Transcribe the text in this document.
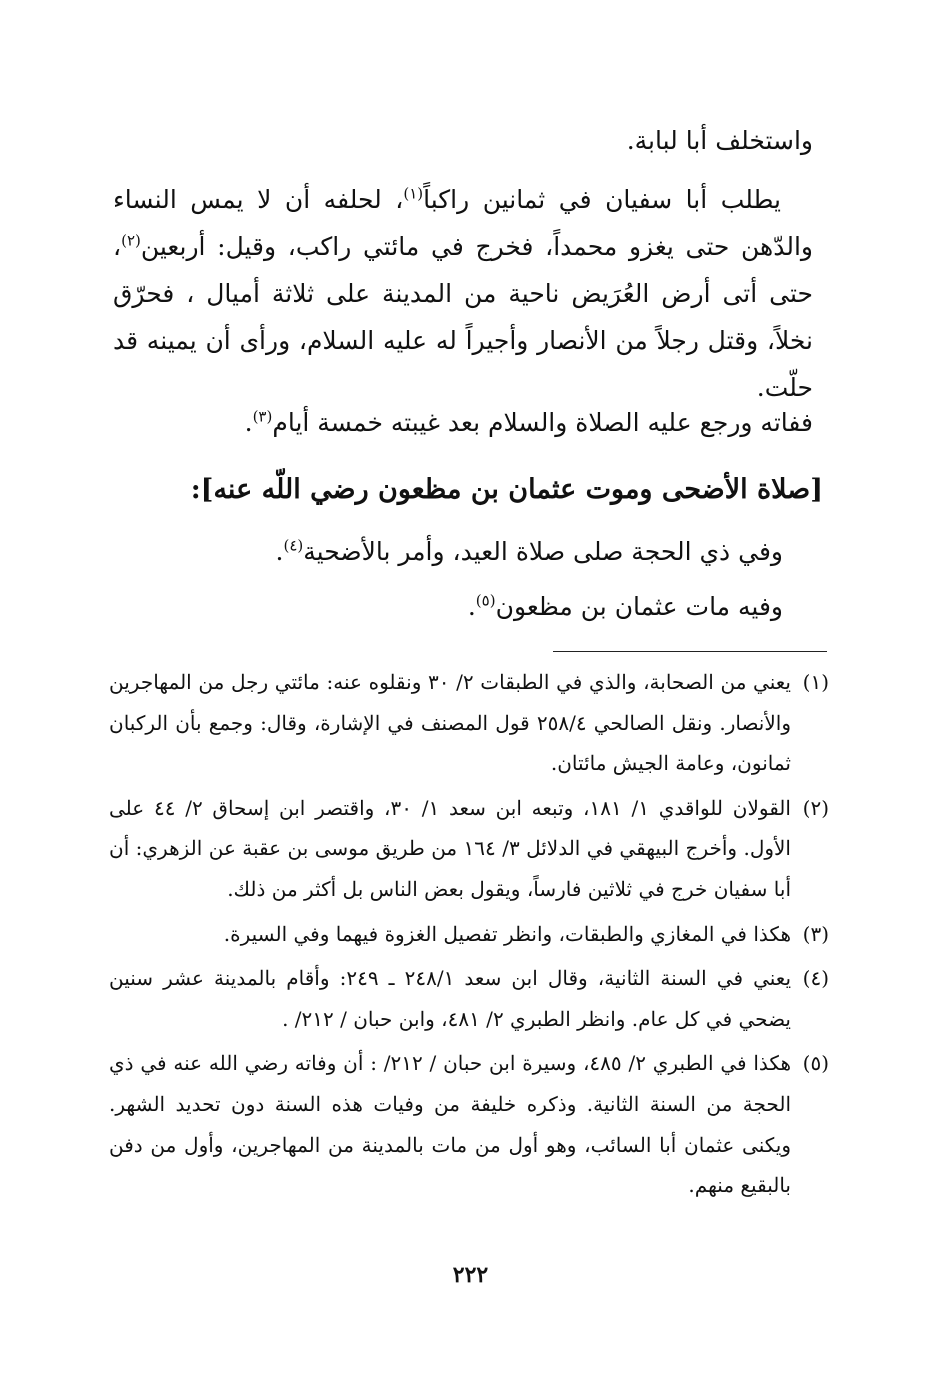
واستخلف أبا لبابة.
يطلب أبا سفيان في ثمانين راكباً$^{(١)}$، لحلفه أن لا يمس النساء والدّهن حتى يغزو محمداً، فخرج في مائتي راكب، وقيل: أربعين$^{(٢)}$، حتى أتى أرض العُرَيض ناحية من المدينة على ثلاثة أميال ، فحرّق نخلاً، وقتل رجلاً من الأنصار وأجيراً له عليه السلام، ورأى أن يمينه قد حلّت.
ففاته ورجع عليه الصلاة والسلام بعد غيبته خمسة أيام$^{(٣)}$.
[صلاة الأضحى وموت عثمان بن مظعون رضي اللّه عنه]:
وفي ذي الحجة صلى صلاة العيد، وأمر بالأضحية$^{(٤)}$.
وفيه مات عثمان بن مظعون$^{(٥)}$.
(١)
يعني من الصحابة، والذي في الطبقات ٢/ ٣٠ ونقلوه عنه: مائتي رجل من المهاجرين والأنصار. ونقل الصالحي ٢٥٨/٤ قول المصنف في الإشارة، وقال: وجمع بأن الركبان ثمانون، وعامة الجيش مائتان.
(٢)
القولان للواقدي ١/ ١٨١، وتبعه ابن سعد ١/ ٣٠، واقتصر ابن إسحاق ٢/ ٤٤ على الأول. وأخرج البيهقي في الدلائل ٣/ ١٦٤ من طريق موسى بن عقبة عن الزهري: أن أبا سفيان خرج في ثلاثين فارساً، ويقول بعض الناس بل أكثر من ذلك.
(٣)
هكذا في المغازي والطبقات، وانظر تفصيل الغزوة فيهما وفي السيرة.
(٤)
يعني في السنة الثانية، وقال ابن سعد ٢٤٨/١ ـ ٢٤٩: وأقام بالمدينة عشر سنين يضحي في كل عام. وانظر الطبري ٢/ ٤٨١، وابن حبان / ٢١٢/ .
(٥)
هكذا في الطبري ٢/ ٤٨٥، وسيرة ابن حبان / ٢١٢/ : أن وفاته رضي الله عنه في ذي الحجة من السنة الثانية. وذكره خليفة من وفيات هذه السنة دون تحديد الشهر. ويكنى عثمان أبا السائب، وهو أول من مات بالمدينة من المهاجرين، وأول من دفن بالبقيع منهم.
٢٢٢
